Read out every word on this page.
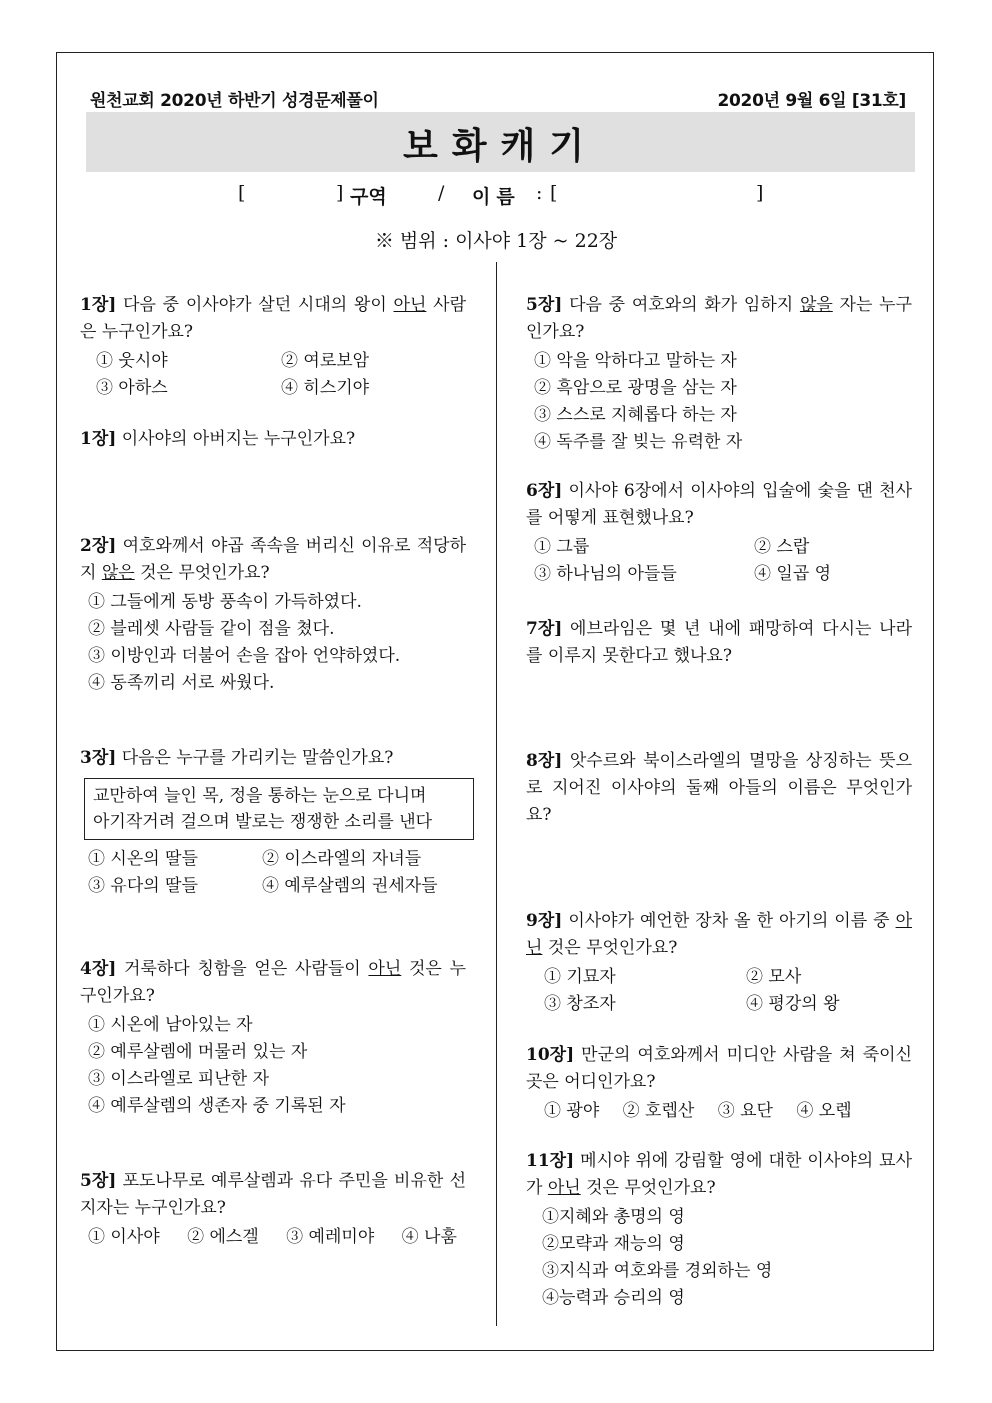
원천교회 2020년 하반기 성경문제풀이	2020년 9월 6일 [31호]
보화캐기
[	] 구역	/ 이름 : [	]
※ 범위 : 이사야 1장 ~ 22장
1장] 다음 중 이사야가 살던 시대의 왕이 아닌 사람은 누구인가요?
① 웃시야	② 여로보암
③ 아하스	④ 히스기야
1장] 이사야의 아버지는 누구인가요?
2장] 여호와께서 야곱 족속을 버리신 이유로 적당하지 않은 것은 무엇인가요?
① 그들에게 동방 풍속이 가득하였다.
② 블레셋 사람들 같이 점을 쳤다.
③ 이방인과 더불어 손을 잡아 언약하였다.
④ 동족끼리 서로 싸웠다.
3장] 다음은 누구를 가리키는 말씀인가요?
교만하여 늘인 목, 정을 통하는 눈으로 다니며
아기작거려 걸으며 발로는 쟁쟁한 소리를 낸다
① 시온의 딸들	② 이스라엘의 자녀들
③ 유다의 딸들	④ 예루살렘의 권세자들
4장] 거룩하다 칭함을 얻은 사람들이 아닌 것은 누구인가요?
① 시온에 남아있는 자
② 예루살렘에 머물러 있는 자
③ 이스라엘로 피난한 자
④ 예루살렘의 생존자 중 기록된 자
5장] 포도나무로 예루살렘과 유다 주민을 비유한 선지자는 누구인가요?
① 이사야 ② 에스겔 ③ 예레미야 ④ 나훔
5장] 다음 중 여호와의 화가 임하지 않을 자는 누구인가요?
① 악을 악하다고 말하는 자
② 흑암으로 광명을 삼는 자
③ 스스로 지혜롭다 하는 자
④ 독주를 잘 빚는 유력한 자
6장] 이사야 6장에서 이사야의 입술에 숯을 댄 천사를 어떻게 표현했나요?
① 그룹	② 스랍
③ 하나님의 아들들	④ 일곱 영
7장] 에브라임은 몇 년 내에 패망하여 다시는 나라를 이루지 못한다고 했나요?
8장] 앗수르와 북이스라엘의 멸망을 상징하는 뜻으로 지어진 이사야의 둘째 아들의 이름은 무엇인가요?
9장] 이사야가 예언한 장차 올 한 아기의 이름 중 아닌 것은 무엇인가요?
① 기묘자	② 모사
③ 창조자	④ 평강의 왕
10장] 만군의 여호와께서 미디안 사람을 쳐 죽이신 곳은 어디인가요?
① 광야 ② 호렙산 ③ 요단 ④ 오렙
11장] 메시야 위에 강림할 영에 대한 이사야의 묘사가 아닌 것은 무엇인가요?
①지혜와 총명의 영
②모략과 재능의 영
③지식과 여호와를 경외하는 영
④능력과 승리의 영
